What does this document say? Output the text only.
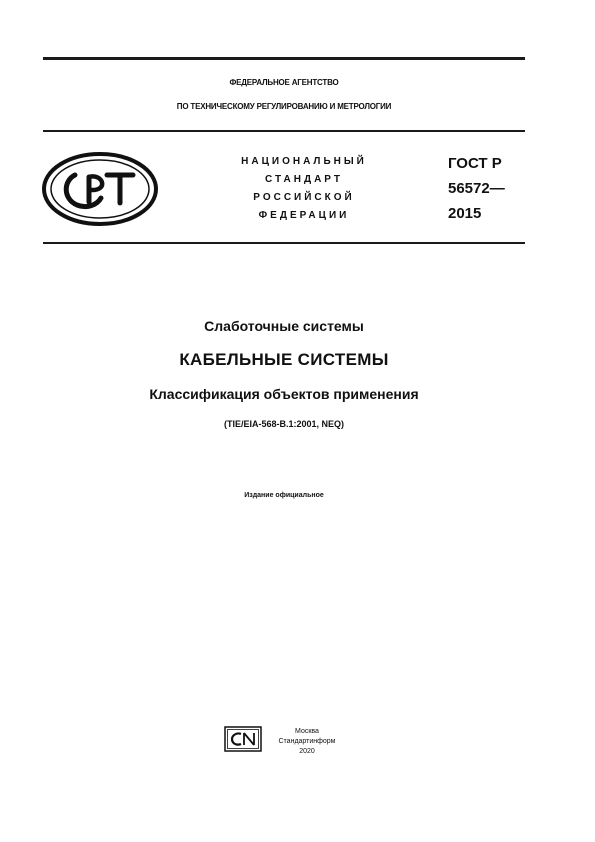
ФЕДЕРАЛЬНОЕ АГЕНТСТВО
ПО ТЕХНИЧЕСКОМУ РЕГУЛИРОВАНИЮ И МЕТРОЛОГИИ
НАЦИОНАЛЬНЫЙ
СТАНДАРТ
РОССИЙСКОЙ
ФЕДЕРАЦИИ
ГОСТ Р
56572—
2015
Слаботочные системы
КАБЕЛЬНЫЕ СИСТЕМЫ
Классификация объектов применения
(TIE/EIA-568-B.1:2001, NEQ)
Издание официальное
Москва
Стандартинформ
2020
